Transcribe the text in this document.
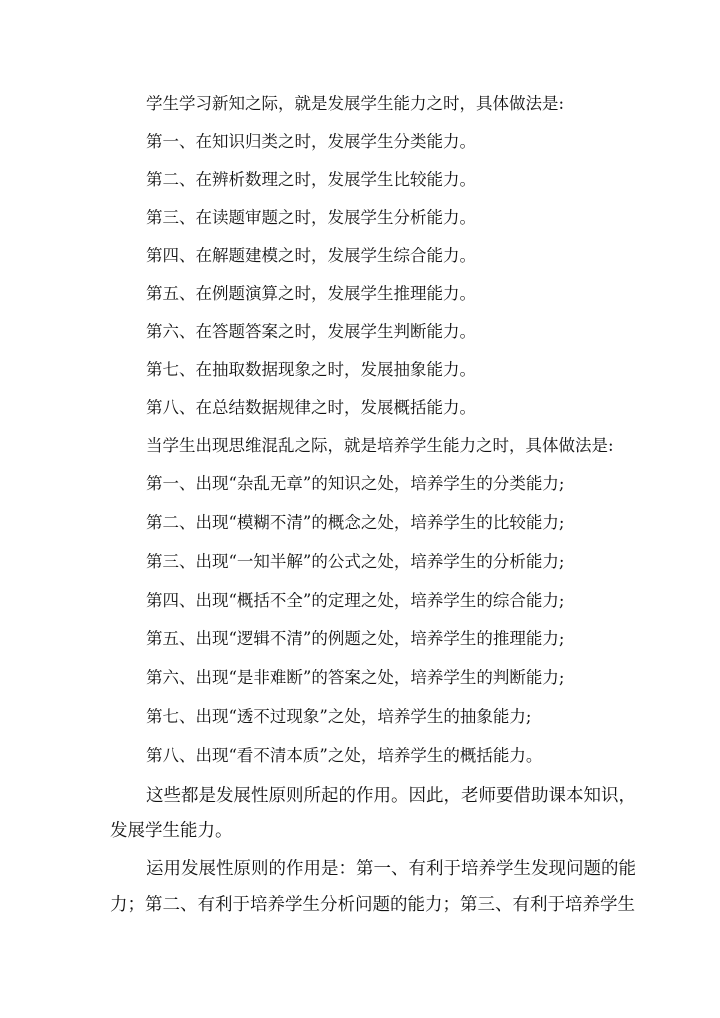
学生学习新知之际，就是发展学生能力之时，具体做法是:

第一、在知识归类之时，发展学生分类能力。

第二、在辨析数理之时，发展学生比较能力。

第三、在读题审题之时，发展学生分析能力。

第四、在解题建模之时，发展学生综合能力。

第五、在例题演算之时，发展学生推理能力。

第六、在答题答案之时，发展学生判断能力。

第七、在抽取数据现象之时，发展抽象能力。

第八、在总结数据规律之时，发展概括能力。

当学生出现思维混乱之际，就是培养学生能力之时，具体做法是:

第一、出现“杂乱无章”的知识之处，培养学生的分类能力;

第二、出现“模糊不清”的概念之处，培养学生的比较能力;

第三、出现“一知半解”的公式之处，培养学生的分析能力;

第四、出现“概括不全”的定理之处，培养学生的综合能力;

第五、出现“逻辑不清”的例题之处，培养学生的推理能力;

第六、出现“是非难断”的答案之处，培养学生的判断能力;

第七、出现“透不过现象”之处，培养学生的抽象能力;

第八、出现“看不清本质”之处，培养学生的概括能力。

这些都是发展性原则所起的作用。因此，老师要借助课本知识，

发展学生能力。

运用发展性原则的作用是：第一、有利于培养学生发现问题的能

力；第二、有利于培养学生分析问题的能力；第三、有利于培养学生
